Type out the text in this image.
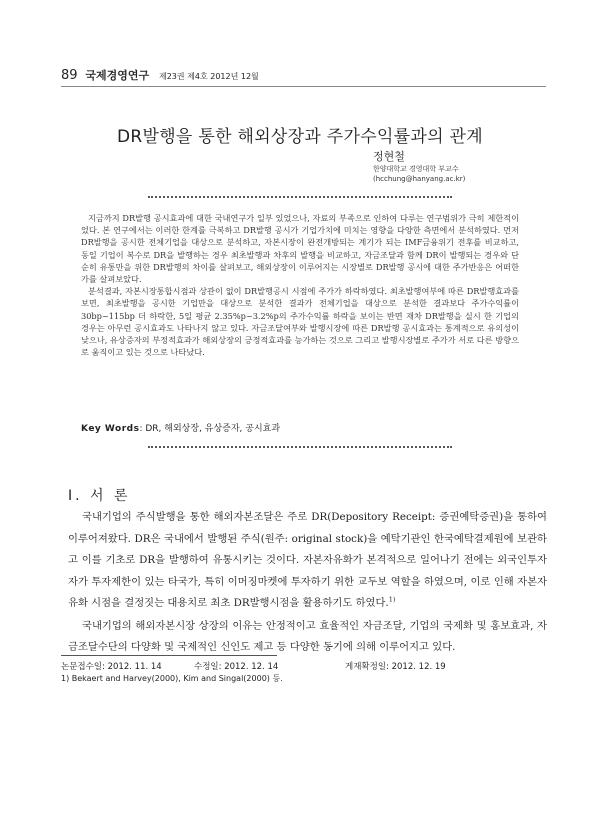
89 국제경영연구 제23권 제4호 2012년 12월
DR발행을 통한 해외상장과 주가수익률과의 관계
정현철
한양대학교 경영대학 부교수
(hcchung@hanyang.ac.kr)

지금까지 DR발행 공시효과에 대한 국내연구가 일부 있었으나, 자료의 부족으로 인하여 다루는 연구범위가 극히 제한적이었다. 본 연구에서는 이러한 한계를 극복하고 DR발행 공시가 기업가치에 미치는 영향을 다양한 측면에서 분석하였다. 먼저 DR발행을 공시한 전체기업을 대상으로 분석하고, 자본시장이 완전개방되는 계기가 되는 IMF금융위기 전후를 비교하고, 동일 기업이 복수로 DR을 발행하는 경우 최초발행과 차후의 발행을 비교하고, 자금조달과 함께 DR이 발행되는 경우와 단순히 유통만을 위한 DR발행의 차이를 살펴보고, 해외상장이 이루어지는 시장별로 DR발행 공시에 대한 주가반응은 어떠한가를 살펴보았다.

분석결과, 자본시장통합시점과 상관이 없이 DR발행공시 시점에 주가가 하락하였다. 최초발행여부에 따른 DR발행효과를 보면, 최초발행을 공시한 기업만을 대상으로 분석한 결과가 전체기업을 대상으로 분석한 결과보다 주가수익률이 30bp~115bp 더 하락한, 5일 평균 2.35%p~3.2%p의 주가수익률 하락을 보이는 반면 재차 DR발행을 실시 한 기업의 경우는 아무런 공시효과도 나타나지 않고 있다. 자금조달여부와 발행시장에 따른 DR발행 공시효과는 통계적으로 유의성이 낮으나, 유상증자의 부정적효과가 해외상장의 긍정적효과를 능가하는 것으로 그리고 발행시장별로 주가가 서로 다른 방향으로 움직이고 있는 것으로 나타났다.

Key Words: DR, 해외상장, 유상증자, 공시효과
Ⅰ. 서 론

국내기업의 주식발행을 통한 해외자본조달은 주로 DR(Depository Receipt: 증권예탁증권)을 통하여 이루어져왔다. DR은 국내에서 발행된 주식(원주: original stock)을 예탁기관인 한국예탁결제원에 보관하고 이를 기초로 DR을 발행하여 유통시키는 것이다. 자본자유화가 본격적으로 일어나기 전에는 외국인투자자가 투자제한이 있는 타국가, 특히 이머징마켓에 투자하기 위한 교두보 역할을 하였으며, 이로 인해 자본자유화 시점을 결정짓는 대용치로 최초 DR발행시점을 활용하기도 하였다.$^{1)}$

국내기업의 해외자본시장 상장의 이유는 안정적이고 효율적인 자금조달, 기업의 국제화 및 홍보효과, 자금조달수단의 다양화 및 국제적인 신인도 제고 등 다양한 동기에 의해 이루어지고 있다.

논문접수일: 2012. 11. 14	수정일: 2012. 12. 14	게재확정일: 2012. 12. 19
1) Bekaert and Harvey(2000), Kim and Singal(2000) 등.
